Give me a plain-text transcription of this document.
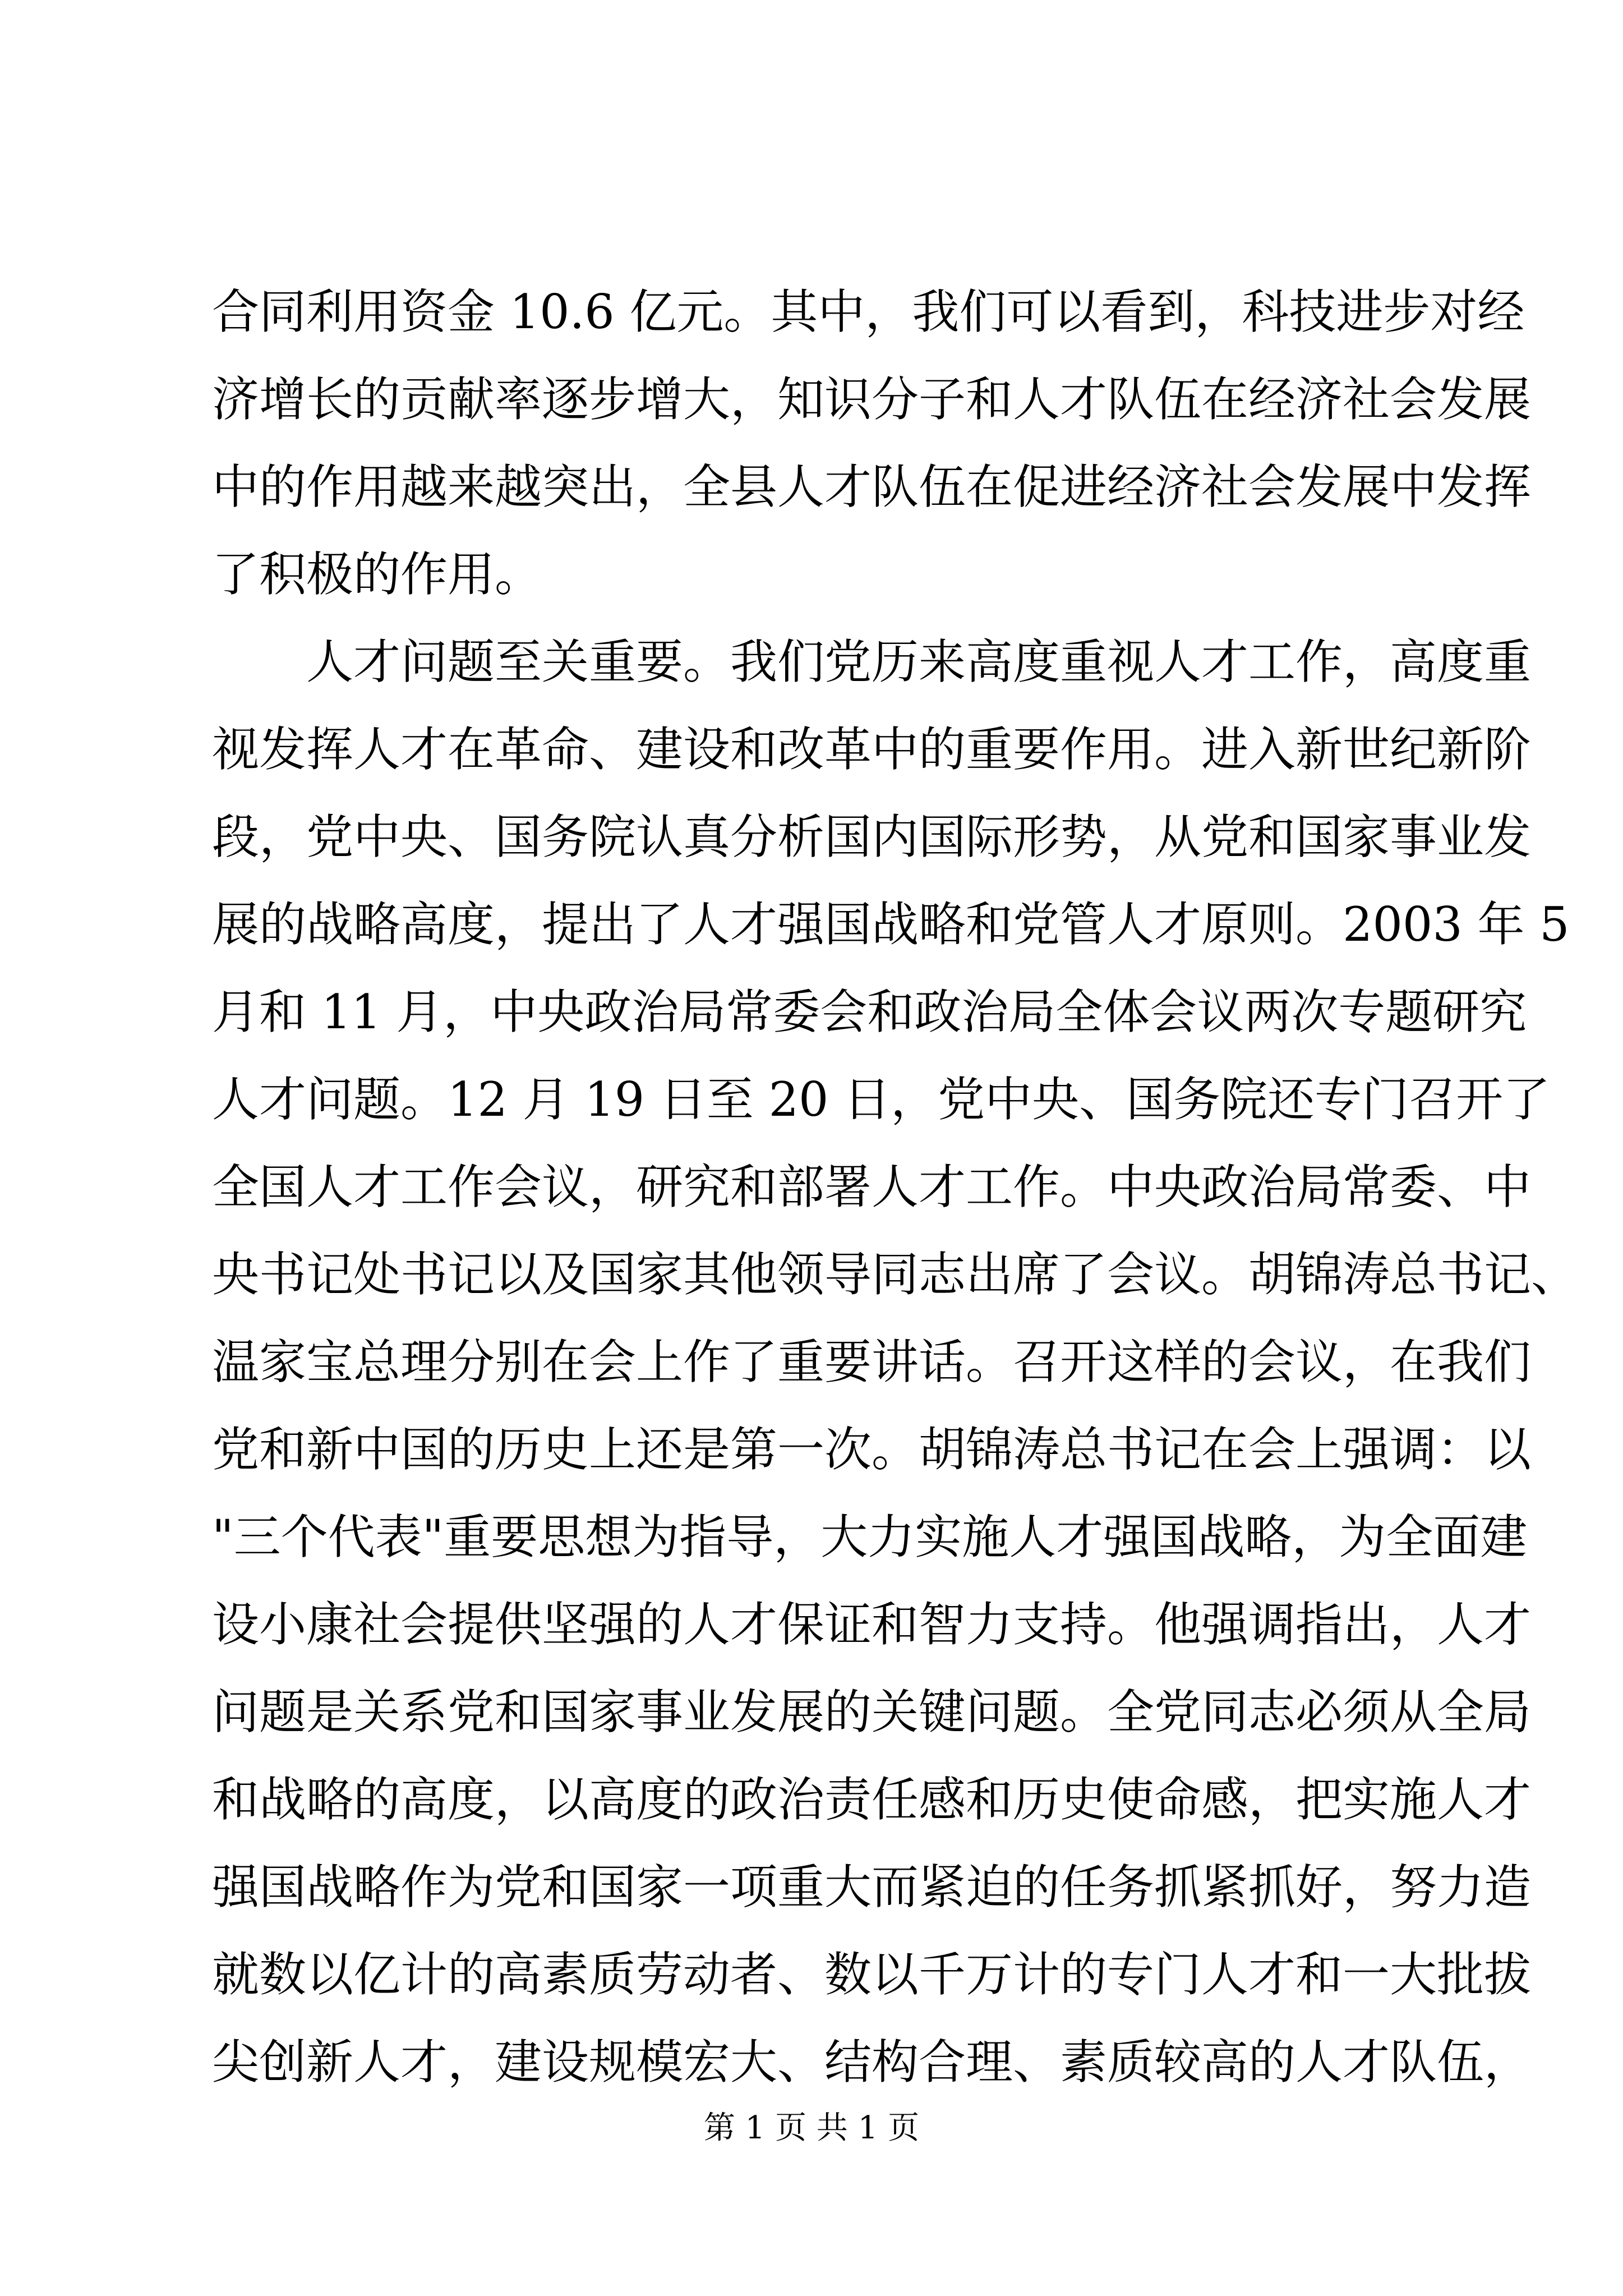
合同利用资金 10.6 亿元。其中，我们可以看到，科技进步对经
济增长的贡献率逐步增大，知识分子和人才队伍在经济社会发展
中的作用越来越突出，全县人才队伍在促进经济社会发展中发挥
了积极的作用。
人才问题至关重要。我们党历来高度重视人才工作，高度重
视发挥人才在革命、建设和改革中的重要作用。进入新世纪新阶
段，党中央、国务院认真分析国内国际形势，从党和国家事业发
展的战略高度，提出了人才强国战略和党管人才原则。2003 年 5
月和 11 月，中央政治局常委会和政治局全体会议两次专题研究
人才问题。12 月 19 日至 20 日，党中央、国务院还专门召开了
全国人才工作会议，研究和部署人才工作。中央政治局常委、中
央书记处书记以及国家其他领导同志出席了会议。胡锦涛总书记、
温家宝总理分别在会上作了重要讲话。召开这样的会议，在我们
党和新中国的历史上还是第一次。胡锦涛总书记在会上强调：以
"三个代表"重要思想为指导，大力实施人才强国战略，为全面建
设小康社会提供坚强的人才保证和智力支持。他强调指出，人才
问题是关系党和国家事业发展的关键问题。全党同志必须从全局
和战略的高度，以高度的政治责任感和历史使命感，把实施人才
强国战略作为党和国家一项重大而紧迫的任务抓紧抓好，努力造
就数以亿计的高素质劳动者、数以千万计的专门人才和一大批拔
尖创新人才，建设规模宏大、结构合理、素质较高的人才队伍，
第 1 页 共 1 页
